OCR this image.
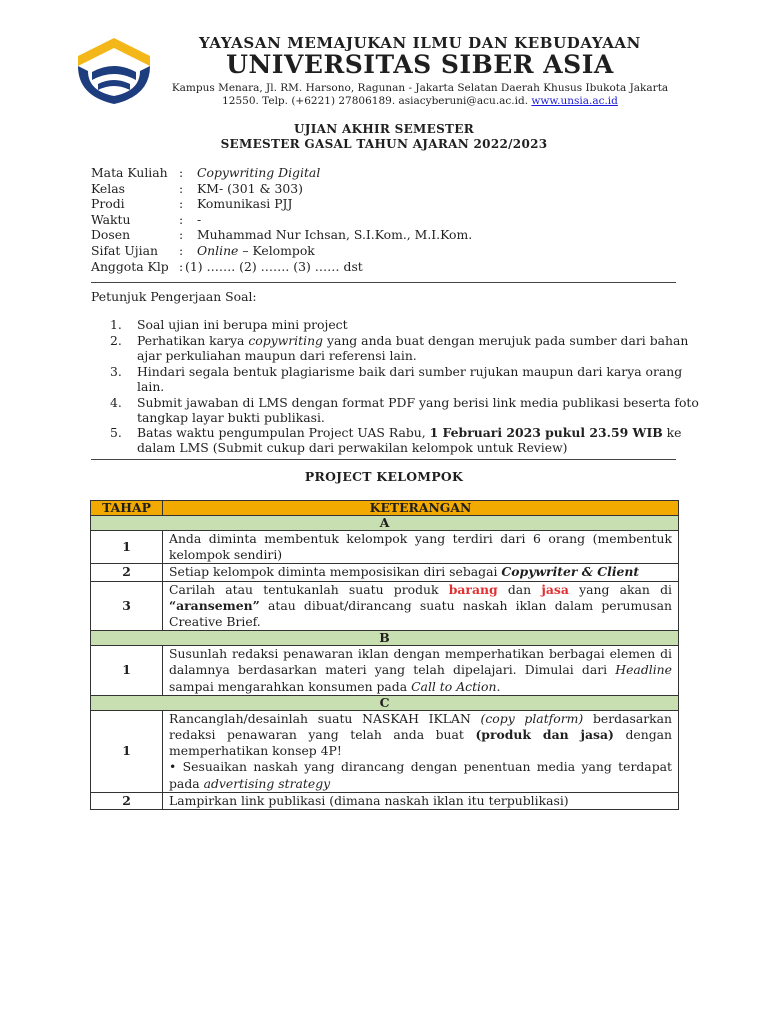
YAYASAN MEMAJUKAN ILMU DAN KEBUDAYAAN
UNIVERSITAS SIBER ASIA
Kampus Menara, Jl. RM. Harsono, Ragunan - Jakarta Selatan Daerah Khusus Ibukota Jakarta
12550. Telp. (+6221) 27806189. asiacyberuni@acu.ac.id. www.unsia.ac.id
UJIAN AKHIR SEMESTER
SEMESTER GASAL TAHUN AJARAN 2022/2023
Mata Kuliah : Copywriting Digital
Kelas	: KM- (301 & 303)
Prodi	: Komunikasi PJJ
Waktu	: -
Dosen	: Muhammad Nur Ichsan, S.I.Kom., M.I.Kom.
Sifat Ujian : Online – Kelompok
Anggota Klp : (1) ……. (2) ……. (3) …… dst
Petunjuk Pengerjaan Soal:
1. Soal ujian ini berupa mini project
2. Perhatikan karya copywriting yang anda buat dengan merujuk pada sumber dari bahan
ajar perkuliahan maupun dari referensi lain.
3. Hindari segala bentuk plagiarisme baik dari sumber rujukan maupun dari karya orang
lain.
4. Submit jawaban di LMS dengan format PDF yang berisi link media publikasi beserta foto
tangkap layar bukti publikasi.
5. Batas waktu pengumpulan Project UAS Rabu, 1 Februari 2023 pukul 23.59 WIB ke
dalam LMS (Submit cukup dari perwakilan kelompok untuk Review)
PROJECT KELOMPOK
TAHAP	KETERANGAN
A	
1	Anda diminta membentuk kelompok yang terdiri dari 6 orang (membentuk kelompok sendiri)
2	Setiap kelompok diminta memposisikan diri sebagai Copywriter & Client
3	Carilah atau tentukanlah suatu produk barang dan jasa yang akan di “aransemen” atau dibuat/dirancang suatu naskah iklan dalam perumusan Creative Brief.
B	
1	Susunlah redaksi penawaran iklan dengan memperhatikan berbagai elemen di dalamnya berdasarkan materi yang telah dipelajari. Dimulai dari Headline sampai mengarahkan konsumen pada Call to Action.
C	
1	Rancanglah/desainlah suatu NASKAH IKLAN (copy platform) berdasarkan redaksi penawaran yang telah anda buat (produk dan jasa) dengan memperhatikan konsep 4P!
• Sesuaikan naskah yang dirancang dengan penentuan media yang terdapat pada advertising strategy
2	Lampirkan link publikasi (dimana naskah iklan itu terpublikasi)
